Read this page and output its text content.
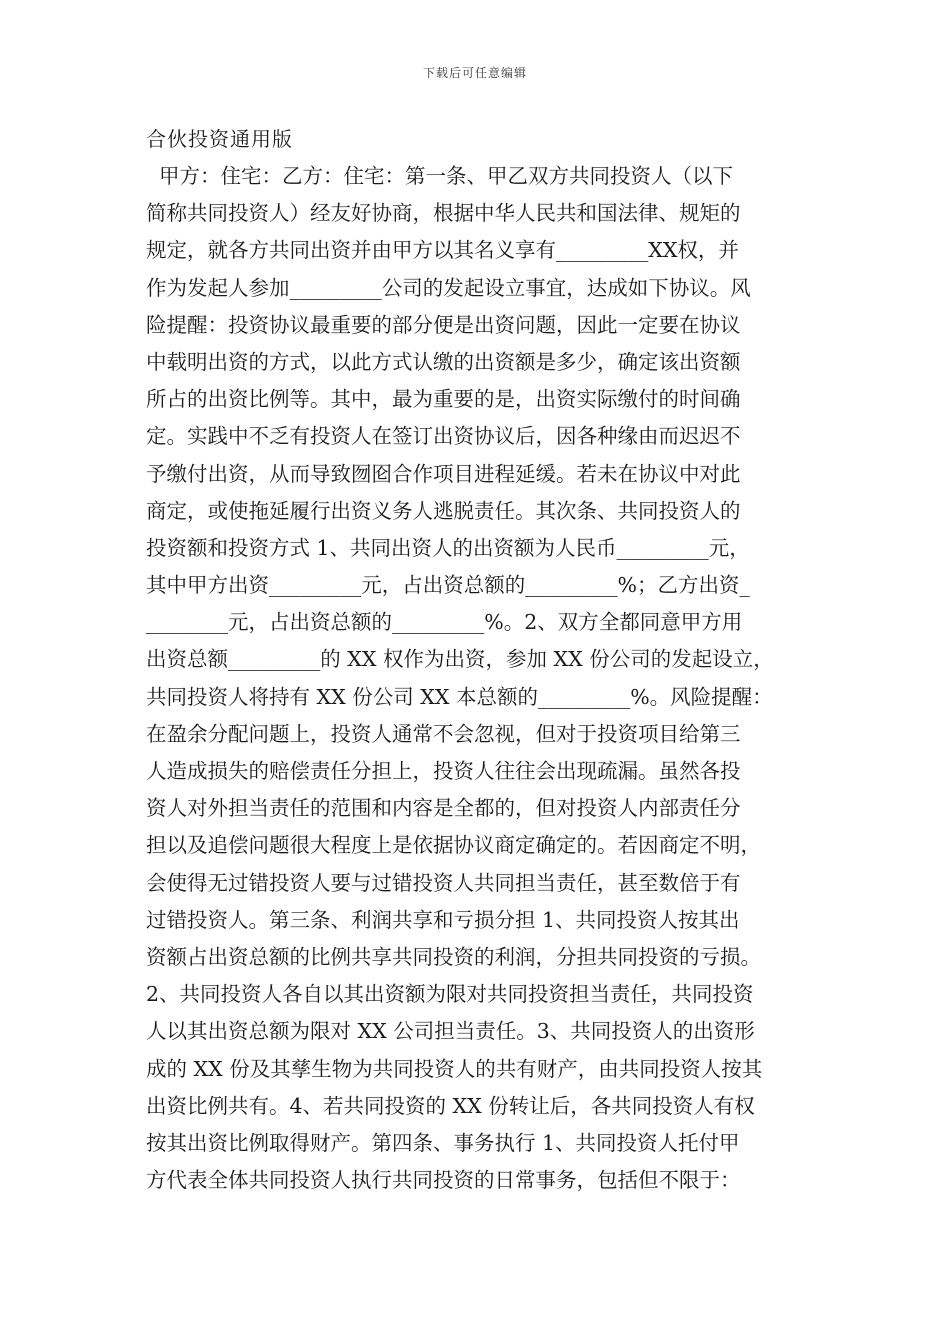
下载后可任意编辑
合伙投资通用版
甲方：住宅：乙方：住宅：第一条、甲乙双方共同投资人（以下
简称共同投资人）经友好协商，根据中华人民共和国法律、规矩的
规定，就各方共同出资并由甲方以其名义享有_________XX权，并
作为发起人参加_________公司的发起设立事宜，达成如下协议。风
险提醒：投资协议最重要的部分便是出资问题，因此一定要在协议
中载明出资的方式，以此方式认缴的出资额是多少，确定该出资额
所占的出资比例等。其中，最为重要的是，出资实际缴付的时间确
定。实践中不乏有投资人在签订出资协议后，因各种缘由而迟迟不
予缴付出资，从而导致囫囵合作项目进程延缓。若未在协议中对此
商定，或使拖延履行出资义务人逃脱责任。其次条、共同投资人的
投资额和投资方式 1、共同出资人的出资额为人民币_________元，
其中甲方出资_________元，占出资总额的_________%；乙方出资_
________元，占出资总额的_________%。2、双方全都同意甲方用
出资总额_________的 XX 权作为出资，参加 XX 份公司的发起设立，
共同投资人将持有 XX 份公司 XX 本总额的_________%。风险提醒：
在盈余分配问题上，投资人通常不会忽视，但对于投资项目给第三
人造成损失的赔偿责任分担上，投资人往往会出现疏漏。虽然各投
资人对外担当责任的范围和内容是全都的，但对投资人内部责任分
担以及追偿问题很大程度上是依据协议商定确定的。若因商定不明，
会使得无过错投资人要与过错投资人共同担当责任，甚至数倍于有
过错投资人。第三条、利润共享和亏损分担 1、共同投资人按其出
资额占出资总额的比例共享共同投资的利润，分担共同投资的亏损。
2、共同投资人各自以其出资额为限对共同投资担当责任，共同投资
人以其出资总额为限对 XX 公司担当责任。3、共同投资人的出资形
成的 XX 份及其孳生物为共同投资人的共有财产，由共同投资人按其
出资比例共有。4、若共同投资的 XX 份转让后，各共同投资人有权
按其出资比例取得财产。第四条、事务执行 1、共同投资人托付甲
方代表全体共同投资人执行共同投资的日常事务，包括但不限于：
